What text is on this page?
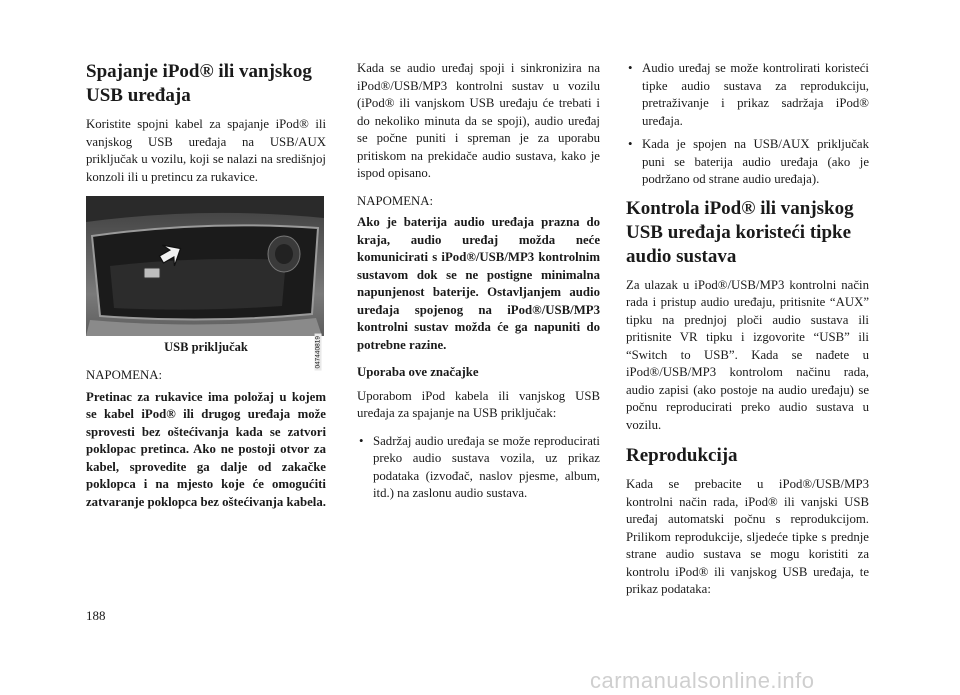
Spajanje iPod® ili vanjskog USB uređaja

Koristite spojni kabel za spajanje iPod® ili vanjskog USB uređaja na USB/AUX priključak u vozilu, koji se nalazi na središnjoj konzoli ili u pretincu za rukavice.

047440819
USB priključak
NAPOMENA:

Pretinac za rukavice ima položaj u kojem se kabel iPod® ili drugog uređaja može sprovesti bez oštećivanja kada se zatvori poklopac pretinca. Ako ne postoji otvor za kabel, sprovedite ga dalje od zakačke poklopca i na mjesto koje će omogućiti zatvaranje poklopca bez oštećivanja kabela.

Kada se audio uređaj spoji i sinkronizira na iPod®/USB/MP3 kontrolni sustav u vozilu (iPod® ili vanjskom USB uređaju će trebati i do nekoliko minuta da se spoji), audio uređaj se počne puniti i spreman je za uporabu pritiskom na prekidače audio sustava, kako je ispod opisano.

NAPOMENA:

Ako je baterija audio uređaja prazna do kraja, audio uređaj možda neće komunicirati s iPod®/USB/MP3 kontrolnim sustavom dok se ne postigne minimalna napunjenost baterije. Ostavljanjem audio uređaja spojenog na iPod®/USB/MP3 kontrolni sustav možda će ga napuniti do potrebne razine.

Uporaba ove značajke

Uporabom iPod kabela ili vanjskog USB uređaja za spajanje na USB priključak:

• Sadržaj audio uređaja se može reproducirati preko audio sustava vozila, uz prikaz podataka (izvođač, naslov pjesme, album, itd.) na zaslonu audio sustava.
• Audio uređaj se može kontrolirati koristeći tipke audio sustava za reprodukciju, pretraživanje i prikaz sadržaja iPod® uređaja.
• Kada je spojen na USB/AUX priključak puni se baterija audio uređaja (ako je podržano od strane audio uređaja).
Kontrola iPod® ili vanjskog USB uređaja koristeći tipke audio sustava

Za ulazak u iPod®/USB/MP3 kontrolni način rada i pristup audio uređaju, pritisnite “AUX” tipku na prednjoj ploči audio sustava ili pritisnite VR tipku i izgovorite “USB” ili “Switch to USB”. Kada se nađete u iPod®/USB/MP3 kontrolom načinu rada, audio zapisi (ako postoje na audio uređaju) se počnu reproducirati preko audio sustava u vozilu.

Reprodukcija

Kada se prebacite u iPod®/USB/MP3 kontrolni način rada, iPod® ili vanjski USB uređaj automatski počnu s reprodukcijom. Prilikom reprodukcije, sljedeće tipke s prednje strane audio sustava se mogu koristiti za kontrolu iPod® ili vanjskog USB uređaja, te prikaz podataka:

188
carmanualsonline.info
